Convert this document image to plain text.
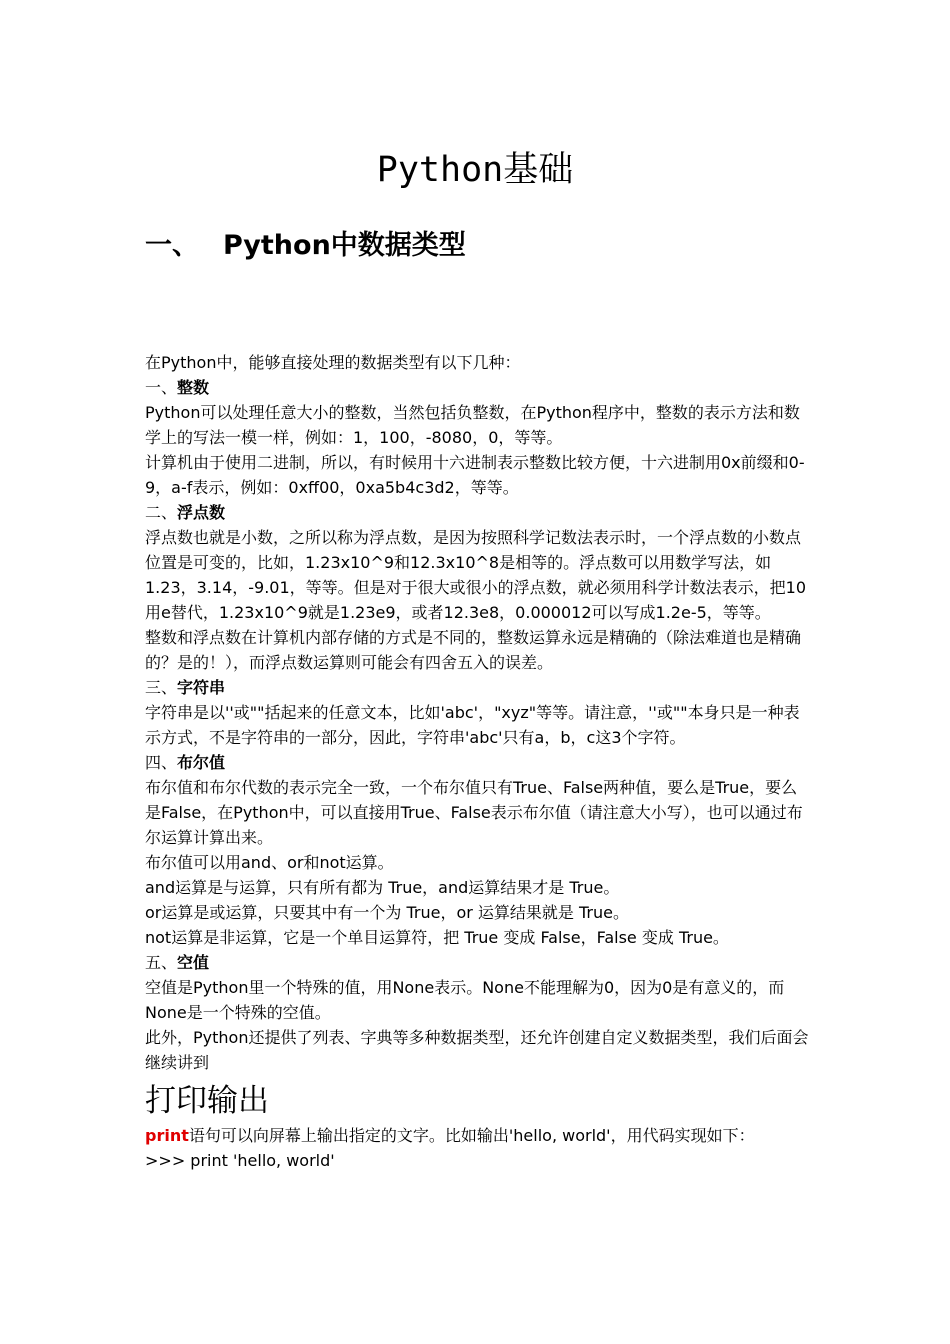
Python基础
一、 Python中数据类型

在Python中，能够直接处理的数据类型有以下几种：

一、整数

Python可以处理任意大小的整数，当然包括负整数，在Python程序中，整数的表示方法和数学上的写法一模一样，例如：1，100，-8080，0，等等。

计算机由于使用二进制，所以，有时候用十六进制表示整数比较方便，十六进制用0x前缀和0-9，a-f表示，例如：0xff00，0xa5b4c3d2，等等。

二、浮点数

浮点数也就是小数，之所以称为浮点数，是因为按照科学记数法表示时，一个浮点数的小数点位置是可变的，比如，1.23x10^9和12.3x10^8是相等的。浮点数可以用数学写法，如1.23，3.14，-9.01，等等。但是对于很大或很小的浮点数，就必须用科学计数法表示，把10用e替代，1.23x10^9就是1.23e9，或者12.3e8，0.000012可以写成1.2e-5，等等。

整数和浮点数在计算机内部存储的方式是不同的，整数运算永远是精确的（除法难道也是精确的？是的！），而浮点数运算则可能会有四舍五入的误差。

三、字符串

字符串是以''或""括起来的任意文本，比如'abc'，"xyz"等等。请注意，''或""本身只是一种表示方式，不是字符串的一部分，因此，字符串'abc'只有a，b，c这3个字符。

四、布尔值

布尔值和布尔代数的表示完全一致，一个布尔值只有True、False两种值，要么是True，要么是False，在Python中，可以直接用True、False表示布尔值（请注意大小写），也可以通过布尔运算计算出来。

布尔值可以用and、or和not运算。

and运算是与运算，只有所有都为 True，and运算结果才是 True。

or运算是或运算，只要其中有一个为 True，or 运算结果就是 True。

not运算是非运算，它是一个单目运算符，把 True 变成 False，False 变成 True。

五、空值

空值是Python里一个特殊的值，用None表示。None不能理解为0，因为0是有意义的，而None是一个特殊的空值。

此外，Python还提供了列表、字典等多种数据类型，还允许创建自定义数据类型，我们后面会继续讲到

打印输出

print语句可以向屏幕上输出指定的文字。比如输出'hello, world'，用代码实现如下：

>>> print 'hello, world'
